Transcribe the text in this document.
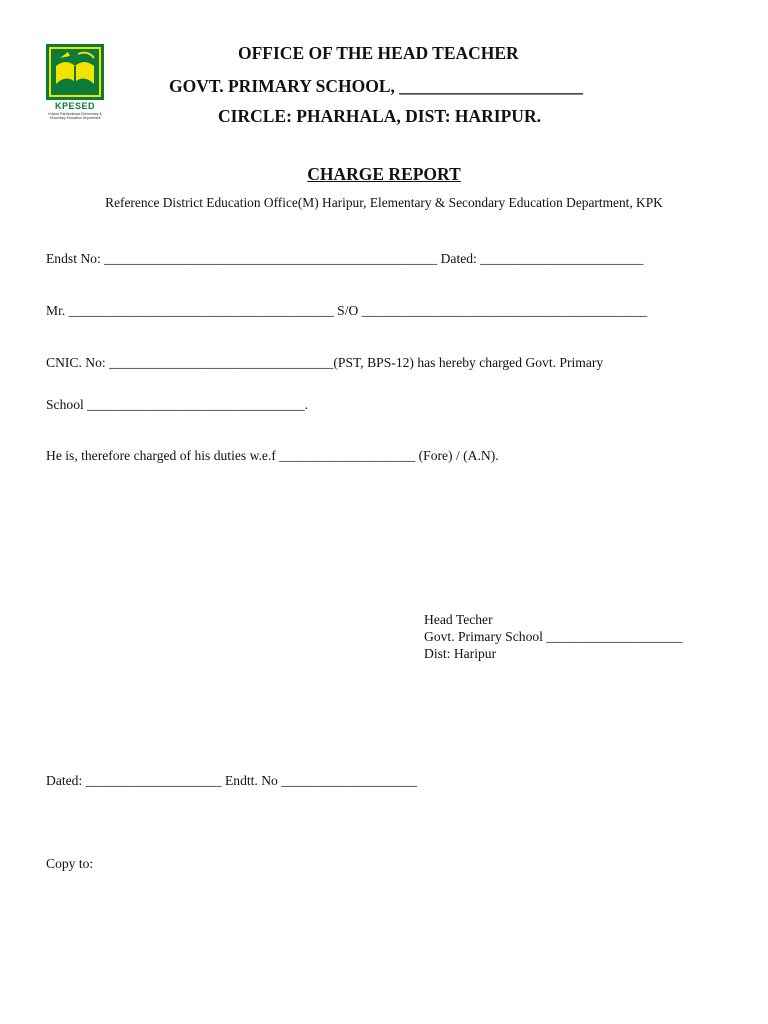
KPESED
Khyber Pakhtunkhwa Elementary & Secondary Education Department
OFFICE OF THE HEAD TEACHER
GOVT. PRIMARY SCHOOL, _____________________
CIRCLE: PHARHALA, DIST: HARIPUR.
CHARGE REPORT
Reference District Education Office(M) Haripur, Elementary & Secondary Education Department, KPK
Endst No: _________________________________________________ Dated: ________________________
Mr. _______________________________________ S/O __________________________________________
CNIC. No: _________________________________(PST, BPS-12) has hereby charged Govt. Primary
School ________________________________.
He is, therefore charged of his duties w.e.f ____________________ (Fore) / (A.N).
Head Techer
Govt. Primary School ____________________
Dist: Haripur
Dated: ____________________ Endtt. No ____________________
Copy to:
